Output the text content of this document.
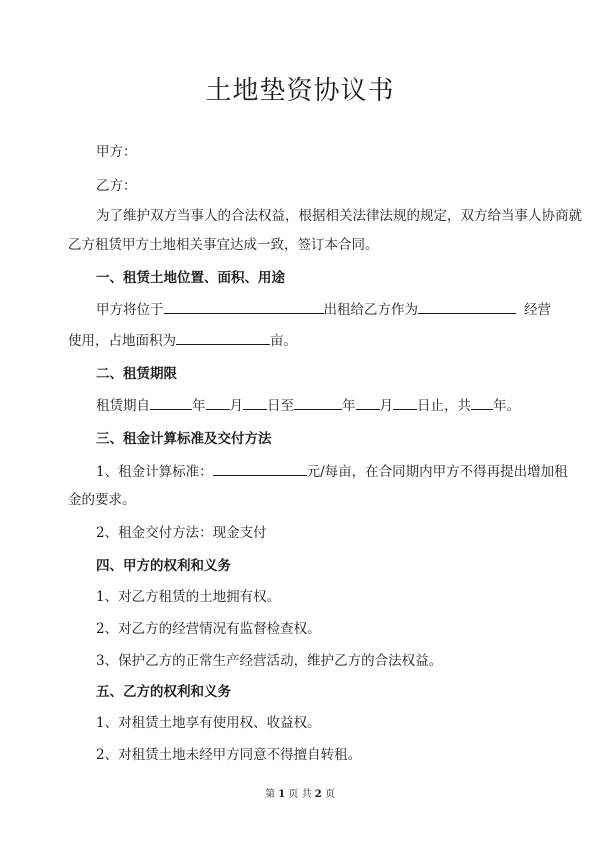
土地垫资协议书
甲方：
乙方：
为了维护双方当事人的合法权益，根据相关法律法规的规定，双方给当事人协商就
乙方租赁甲方土地相关事宜达成一致，签订本合同。
一、租赁土地位置、面积、用途
甲方将位于	出租给乙方作为	经营
使用，占地面积为	亩。
二、租赁期限
租赁期自	年 月 日至	年 月 日止，共 年。
三、租金计算标准及交付方法
1、租金计算标准：	元/每亩，在合同期内甲方不得再提出增加租
金的要求。
2、租金交付方法：现金支付
四、甲方的权利和义务
1、对乙方租赁的土地拥有权。
2、对乙方的经营情况有监督检查权。
3、保护乙方的正常生产经营活动，维护乙方的合法权益。
五、乙方的权利和义务
1、对租赁土地享有使用权、收益权。
2、对租赁土地未经甲方同意不得擅自转租。
第 1 页 共 2 页
